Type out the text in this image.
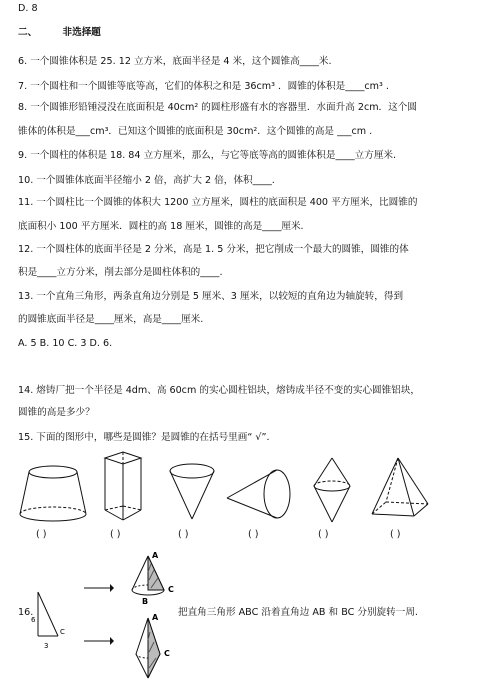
D. 8
二、	非选择题
6. 一个圆锥体积是 25. 12 立方米，底面半径是 4 米，这个圆锥高____米.
7. 一个圆柱和一个圆锥等底等高，它们的体积之和是 36cm³ ．圆锥的体积是____cm³ .
8. 一个圆锥形铅锤浸没在底面积是 40cm² 的圆柱形盛有水的容器里．水面升高 2cm．这个圆
锥体的体积是___cm³．已知这个圆锥的底面积是 30cm²．这个圆锥的高是 ___cm .
9. 一个圆柱的体积是 18. 84 立方厘米，那么，与它等底等高的圆锥体积是____立方厘米.
10. 一个圆锥体底面半径缩小 2 倍，高扩大 2 倍，体积____.
11. 一个圆柱比一个圆锥的体积大 1200 立方厘米，圆柱的底面积是 400 平方厘米，比圆锥的
底面积小 100 平方厘米．圆柱的高 18 厘米，圆锥的高是____厘米.
12. 一个圆柱体的底面半径是 2 分米，高是 1. 5 分米，把它削成一个最大的圆锥，圆锥的体
积是____立方分米，削去部分是圆柱体积的____.
13. 一个直角三角形，两条直角边分别是 5 厘米、3 厘米，以较短的直角边为轴旋转，得到
的圆锥底面半径是____厘米，高是____厘米.
A. 5 B. 10 C. 3 D. 6.
14. 熔铸厂把一个半径是 4dm、高 60cm 的实心圆柱铝块，熔铸成半径不变的实心圆锥铝块，
圆锥的高是多少？
15. 下面的图形中，哪些是圆锥？是圆锥的在括号里画“ √”．
( )	( )	( )	( )	( )	( )
16.	把直角三角形 ABC 沿着直角边 AB 和 BC 分别旋转一周.
6
3
C
A
C
B
A
C
